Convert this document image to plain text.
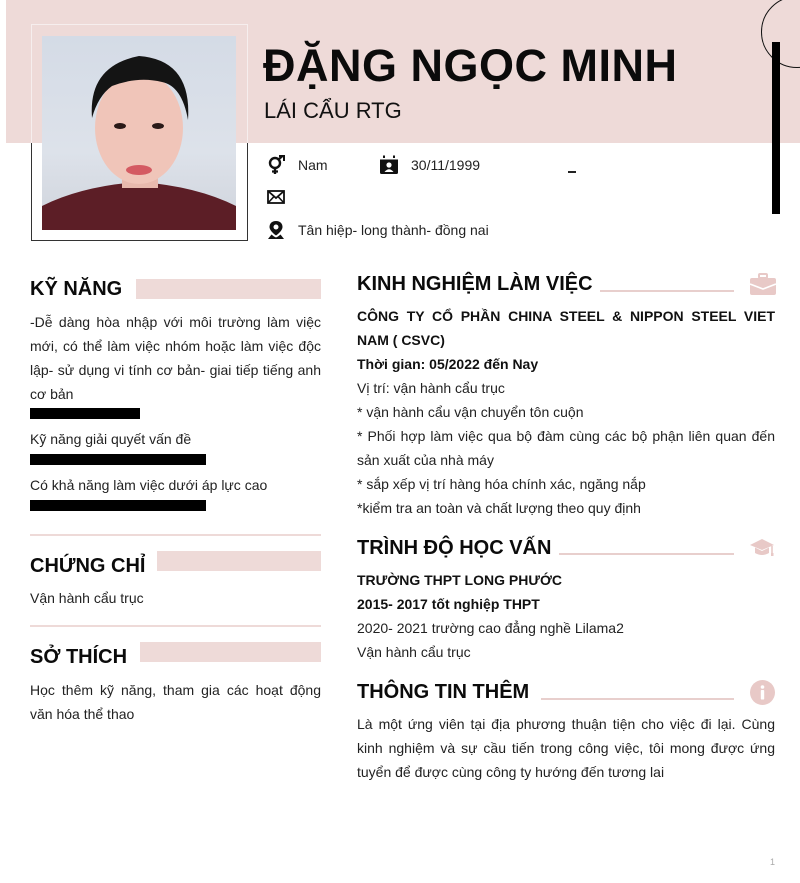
ĐẶNG NGỌC MINH
LÁI CẨU RTG
Nam	30/11/1999
Tân hiệp- long thành- đồng nai
KỸ NĂNG
-Dễ dàng hòa nhập với môi trường làm việc mới, có thể làm việc nhóm hoặc làm việc độc lập- sử dụng vi tính cơ bản- giai tiếp tiếng anh cơ bản
Kỹ năng giải quyết vấn đề
Có khả năng làm việc dưới áp lực cao
CHỨNG CHỈ
Vận hành cẩu trục
SỞ THÍCH
Học thêm kỹ năng, tham gia các hoạt động văn hóa thể thao
KINH NGHIỆM LÀM VIỆC
CÔNG TY CỔ PHẦN CHINA STEEL & NIPPON STEEL VIET NAM ( CSVC)
Thời gian: 05/2022 đến Nay
Vị trí: vận hành cẩu trục
* vận hành cẩu vận chuyển tôn cuộn
* Phối hợp làm việc qua bộ đàm cùng các bộ phận liên quan đến sản xuất của nhà máy
* sắp xếp vị trí hàng hóa chính xác, ngăng nắp
*kiểm tra an toàn và chất lượng theo quy định
TRÌNH ĐỘ HỌC VẤN
TRƯỜNG THPT LONG PHƯỚC
2015- 2017 tốt nghiệp THPT
2020- 2021 trường cao đẳng nghề Lilama2
Vận hành cẩu trục
THÔNG TIN THÊM
Là một ứng viên tại địa phương thuận tiện cho việc đi lại. Cùng kinh nghiệm và sự cầu tiến trong công việc, tôi mong được ứng tuyển để được cùng công ty hướng đến tương lai
1
